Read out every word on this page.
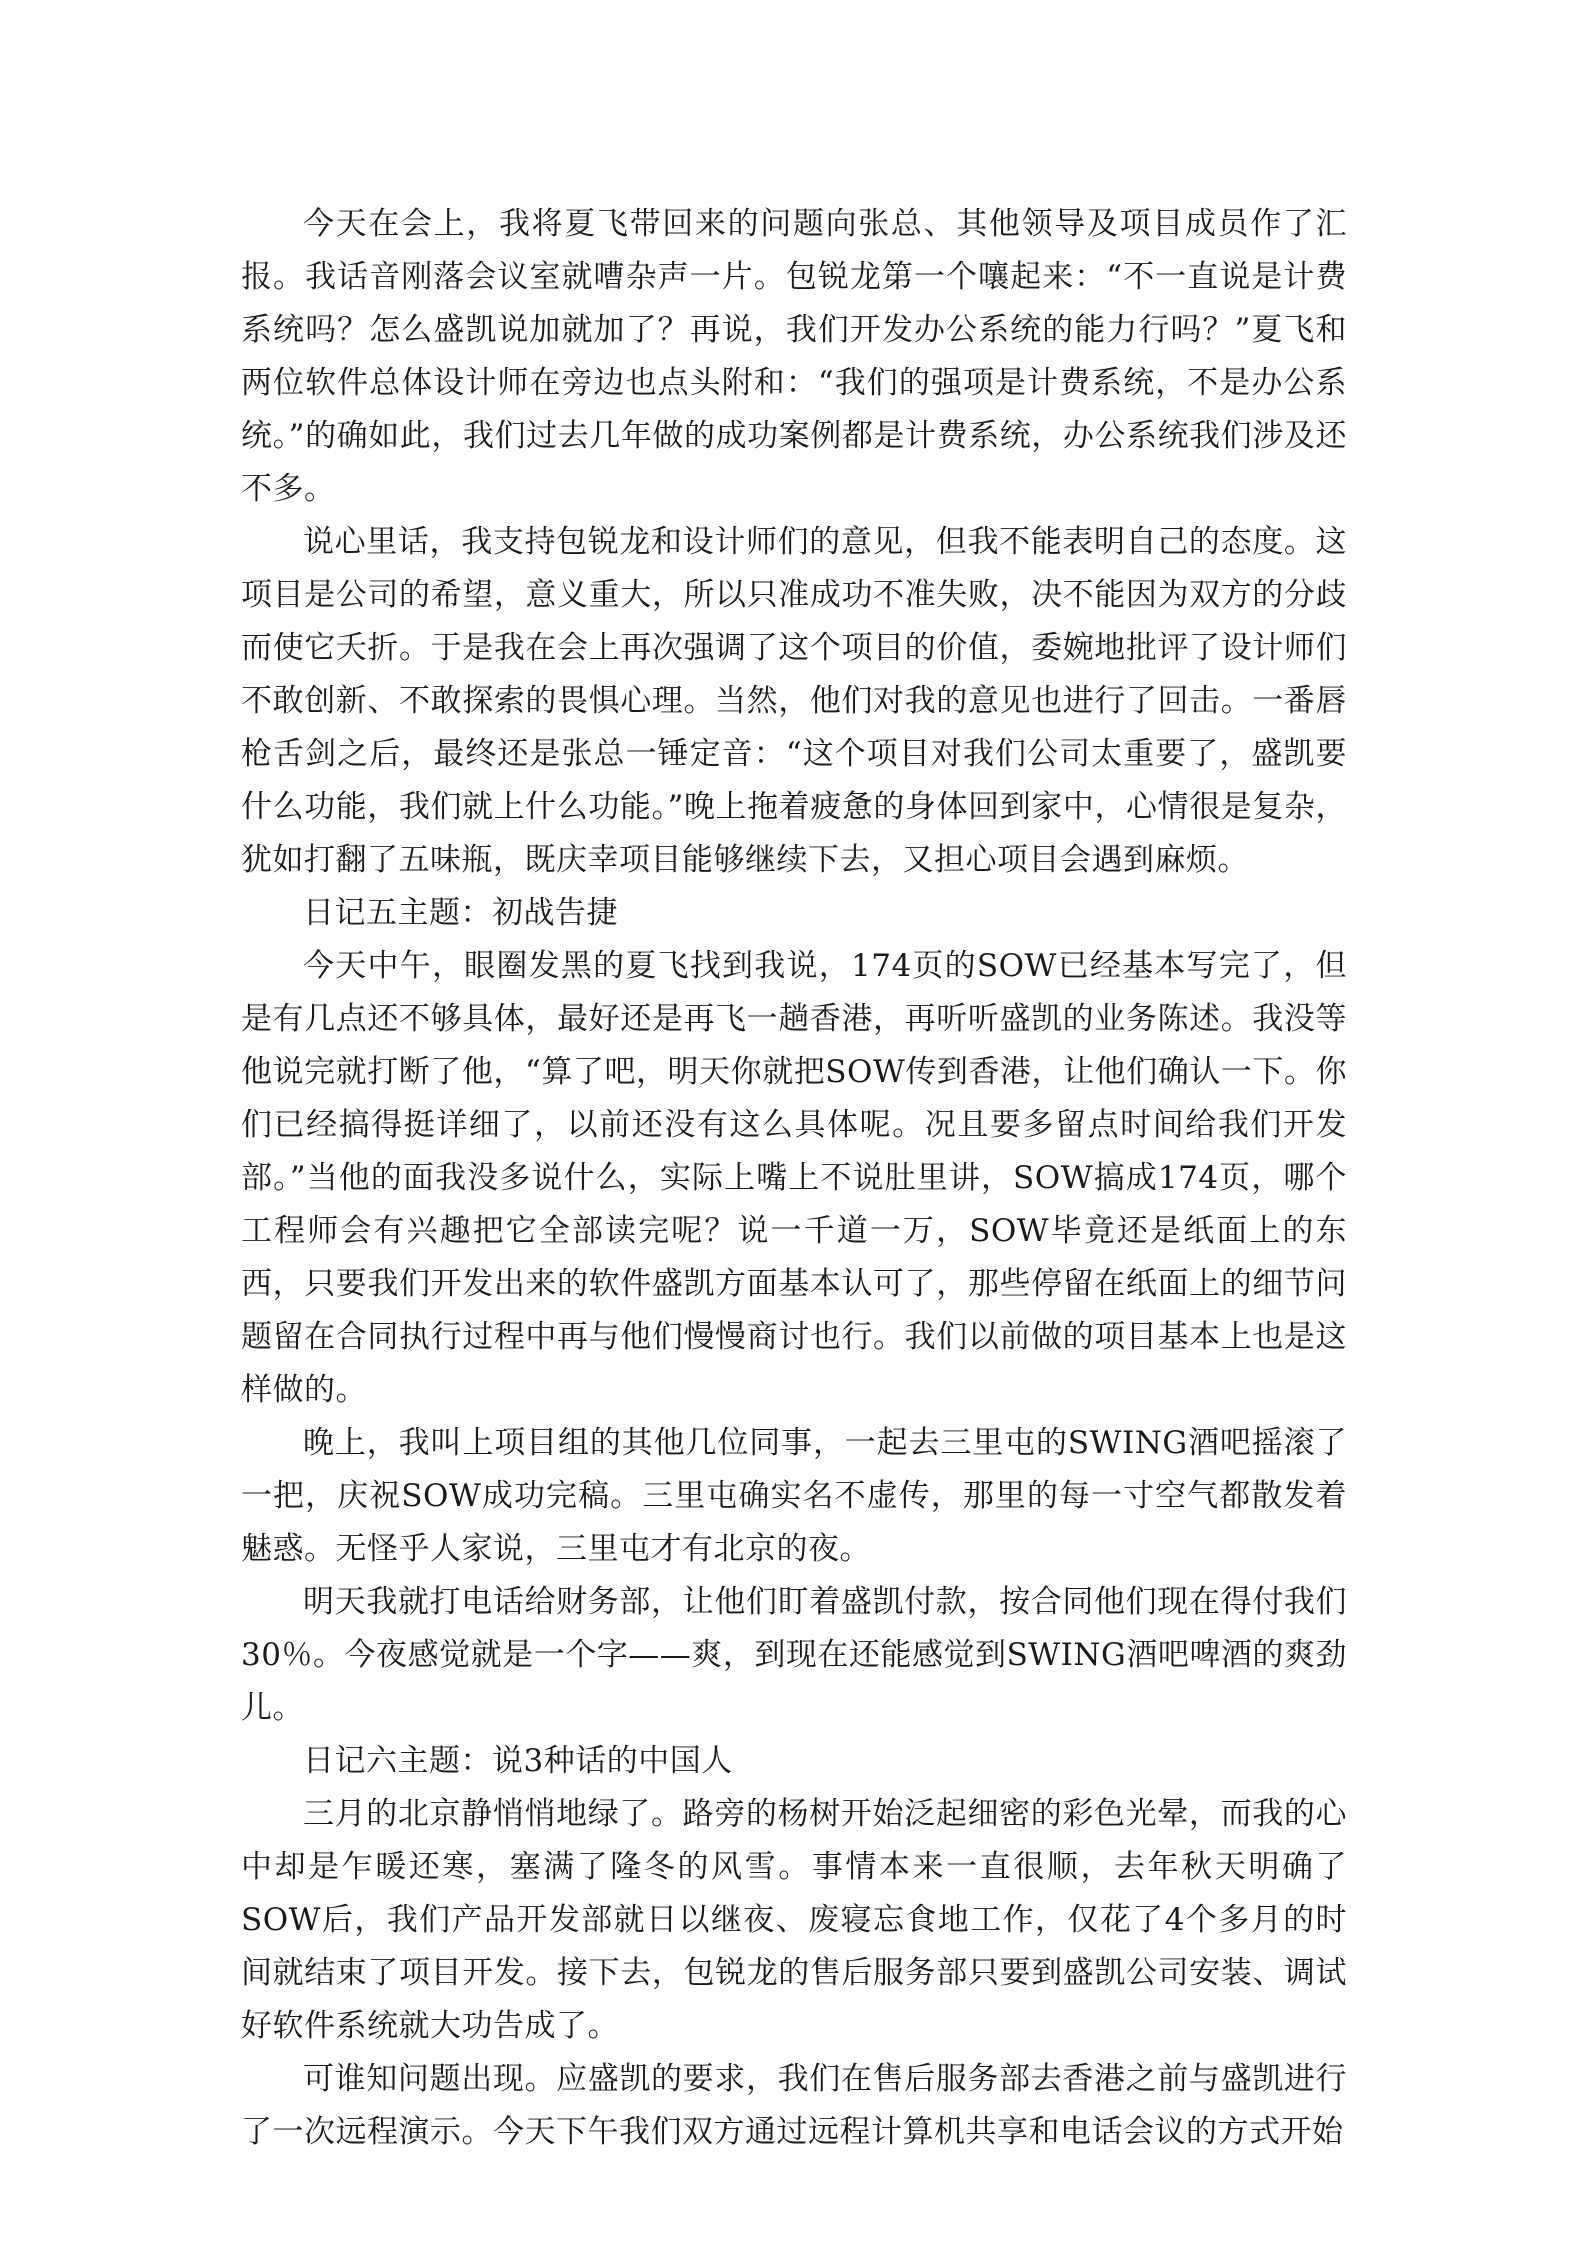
今天在会上，我将夏飞带回来的问题向张总、其他领导及项目成员作了汇报。我话音刚落会议室就嘈杂声一片。包锐龙第一个嚷起来：“不一直说是计费系统吗？怎么盛凯说加就加了？再说，我们开发办公系统的能力行吗？”夏飞和两位软件总体设计师在旁边也点头附和：“我们的强项是计费系统，不是办公系统。”的确如此，我们过去几年做的成功案例都是计费系统，办公系统我们涉及还不多。

说心里话，我支持包锐龙和设计师们的意见，但我不能表明自己的态度。这项目是公司的希望，意义重大，所以只准成功不准失败，决不能因为双方的分歧而使它夭折。于是我在会上再次强调了这个项目的价值，委婉地批评了设计师们不敢创新、不敢探索的畏惧心理。当然，他们对我的意见也进行了回击。一番唇枪舌剑之后，最终还是张总一锤定音：“这个项目对我们公司太重要了，盛凯要什么功能，我们就上什么功能。”晚上拖着疲惫的身体回到家中，心情很是复杂，犹如打翻了五味瓶，既庆幸项目能够继续下去，又担心项目会遇到麻烦。

日记五主题：初战告捷

今天中午，眼圈发黑的夏飞找到我说，174页的SOW已经基本写完了，但是有几点还不够具体，最好还是再飞一趟香港，再听听盛凯的业务陈述。我没等他说完就打断了他，“算了吧，明天你就把SOW传到香港，让他们确认一下。你们已经搞得挺详细了，以前还没有这么具体呢。况且要多留点时间给我们开发部。”当他的面我没多说什么，实际上嘴上不说肚里讲，SOW搞成174页，哪个工程师会有兴趣把它全部读完呢？说一千道一万，SOW毕竟还是纸面上的东西，只要我们开发出来的软件盛凯方面基本认可了，那些停留在纸面上的细节问题留在合同执行过程中再与他们慢慢商讨也行。我们以前做的项目基本上也是这样做的。

晚上，我叫上项目组的其他几位同事，一起去三里屯的SWING酒吧摇滚了一把，庆祝SOW成功完稿。三里屯确实名不虚传，那里的每一寸空气都散发着魅惑。无怪乎人家说，三里屯才有北京的夜。

明天我就打电话给财务部，让他们盯着盛凯付款，按合同他们现在得付我们30％。今夜感觉就是一个字——爽，到现在还能感觉到SWING酒吧啤酒的爽劲儿。

日记六主题：说3种话的中国人

三月的北京静悄悄地绿了。路旁的杨树开始泛起细密的彩色光晕，而我的心中却是乍暖还寒，塞满了隆冬的风雪。事情本来一直很顺，去年秋天明确了SOW后，我们产品开发部就日以继夜、废寝忘食地工作，仅花了4个多月的时间就结束了项目开发。接下去，包锐龙的售后服务部只要到盛凯公司安装、调试好软件系统就大功告成了。

可谁知问题出现。应盛凯的要求，我们在售后服务部去香港之前与盛凯进行了一次远程演示。今天下午我们双方通过远程计算机共享和电话会议的方式开始
